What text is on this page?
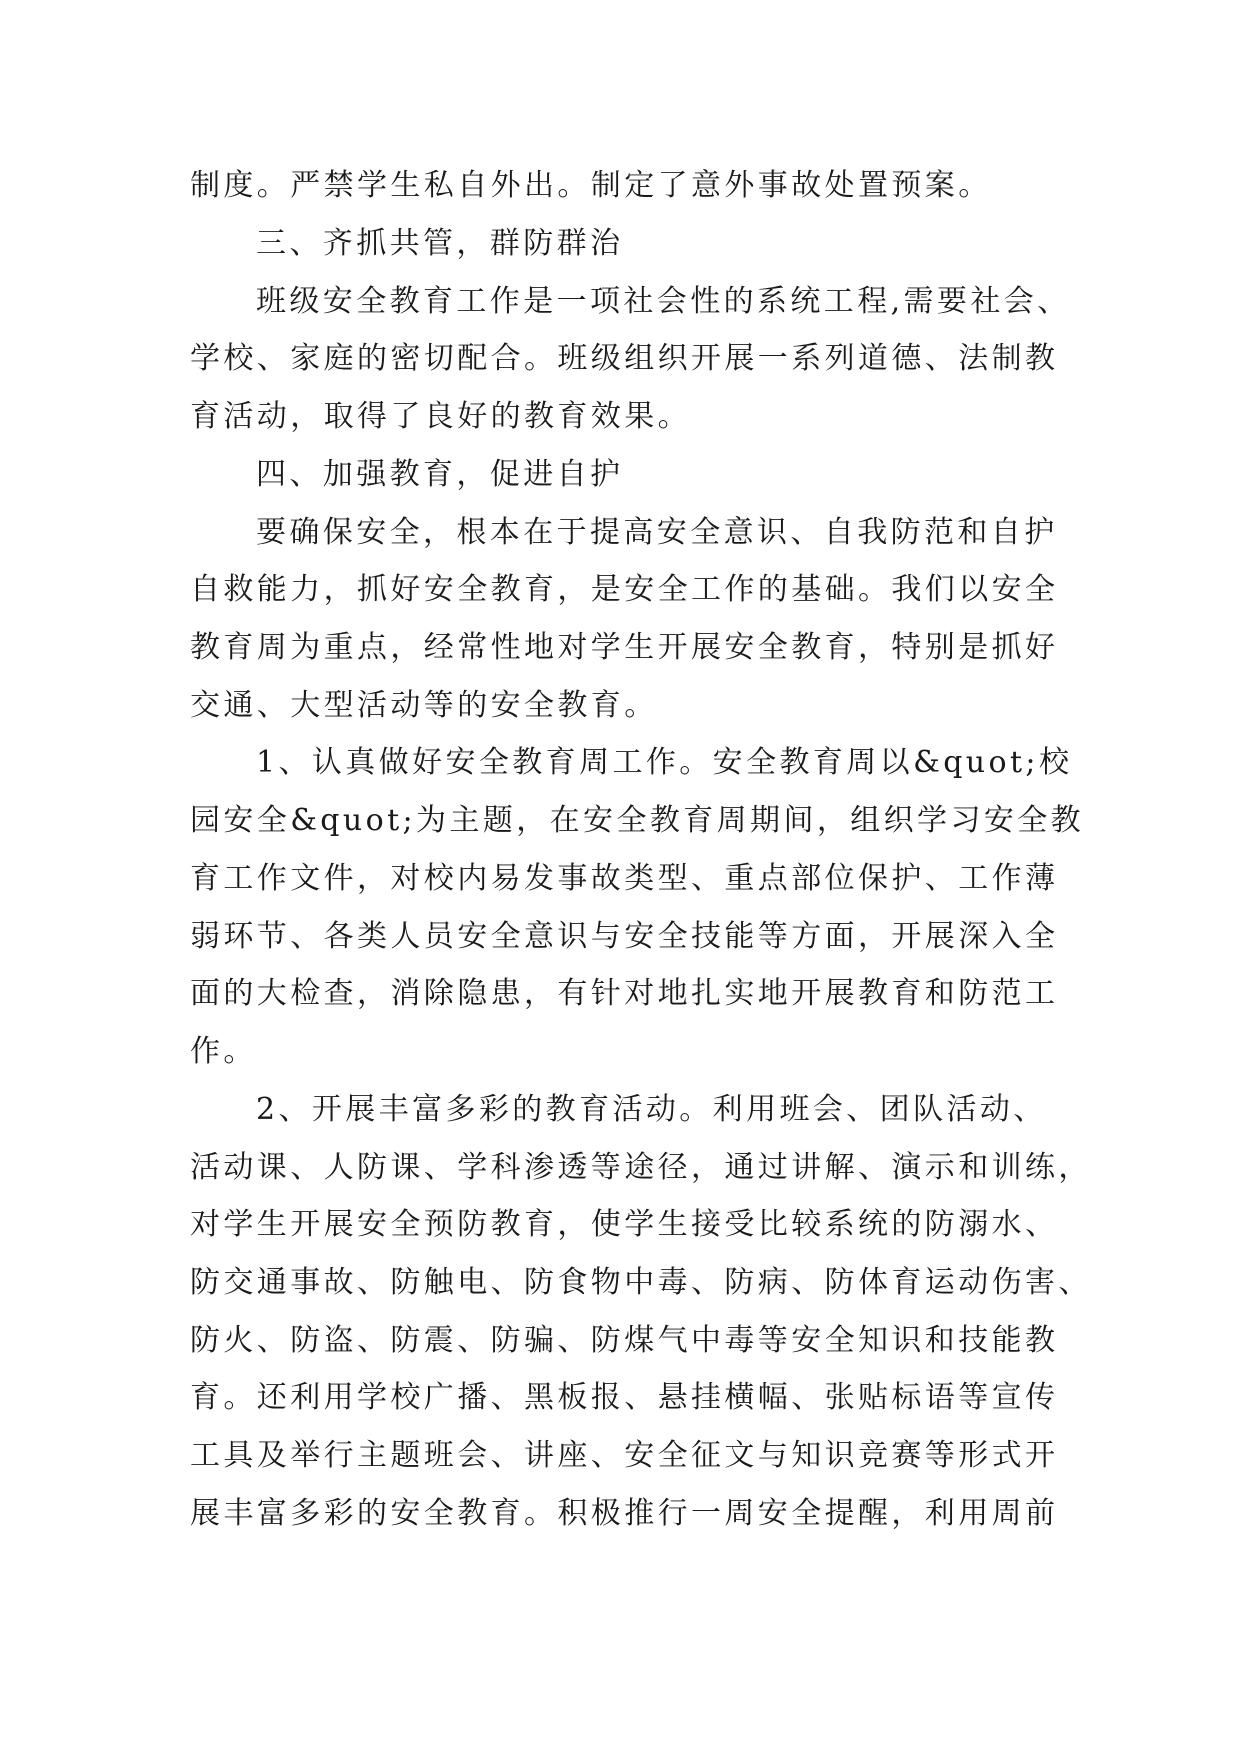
制度。严禁学生私自外出。制定了意外事故处置预案。

三、齐抓共管，群防群治

班级安全教育工作是一项社会性的系统工程,需要社会、

学校、家庭的密切配合。班级组织开展一系列道德、法制教

育活动，取得了良好的教育效果。

四、加强教育，促进自护

要确保安全，根本在于提高安全意识、自我防范和自护

自救能力，抓好安全教育，是安全工作的基础。我们以安全

教育周为重点，经常性地对学生开展安全教育，特别是抓好

交通、大型活动等的安全教育。

1、认真做好安全教育周工作。安全教育周以&quot;校

园安全&quot;为主题，在安全教育周期间，组织学习安全教

育工作文件，对校内易发事故类型、重点部位保护、工作薄

弱环节、各类人员安全意识与安全技能等方面，开展深入全

面的大检查，消除隐患，有针对地扎实地开展教育和防范工

作。

2、开展丰富多彩的教育活动。利用班会、团队活动、

活动课、人防课、学科渗透等途径，通过讲解、演示和训练，

对学生开展安全预防教育，使学生接受比较系统的防溺水、

防交通事故、防触电、防食物中毒、防病、防体育运动伤害、

防火、防盗、防震、防骗、防煤气中毒等安全知识和技能教

育。还利用学校广播、黑板报、悬挂横幅、张贴标语等宣传

工具及举行主题班会、讲座、安全征文与知识竞赛等形式开

展丰富多彩的安全教育。积极推行一周安全提醒，利用周前
